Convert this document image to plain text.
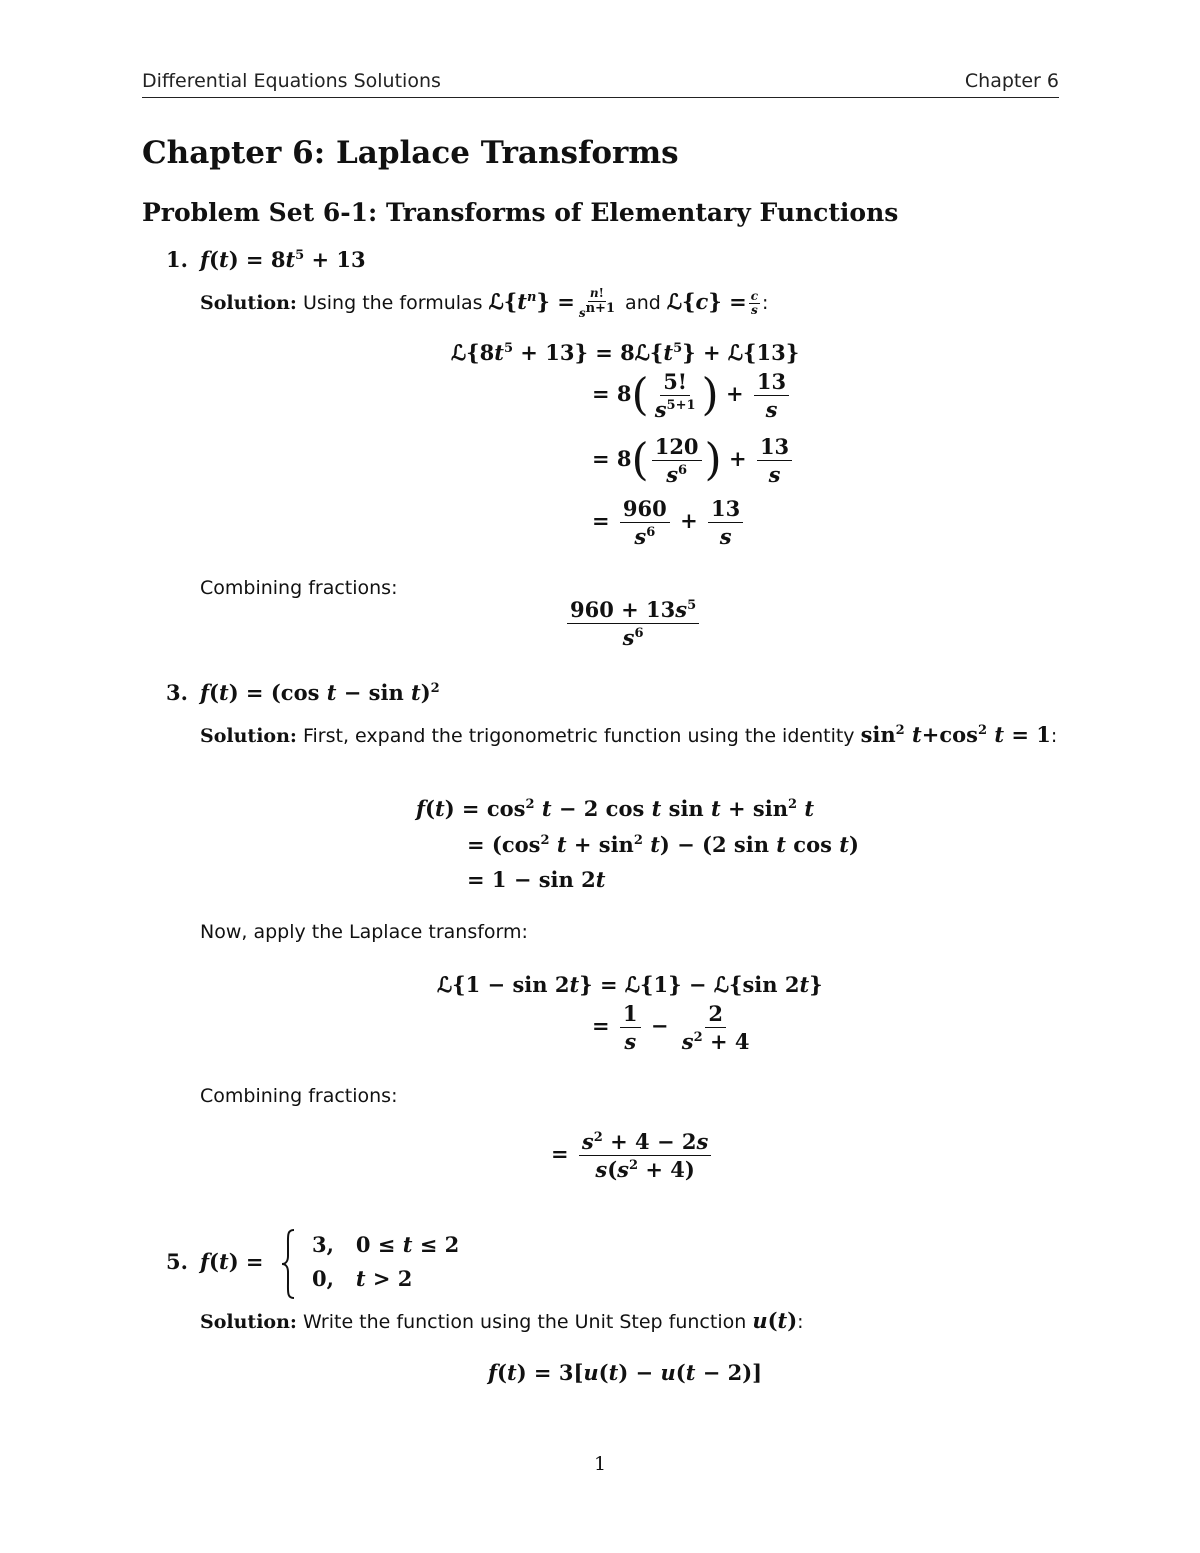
Differential Equations Solutions	Chapter 6
Chapter 6: Laplace Transforms
Problem Set 6-1: Transforms of Elementary Functions
1. $f(t) = 8t^5 + 13$
Solution: Using the formulas $ℒ\{t^n\} = \frac{n!}{s^{n+1}}$ and ℒ{c} = $\frac{c}{s}$ :
$ℒ\{8t^5 + 13\}$ = $8ℒ\{t^5\}$ + ℒ{13}
= $8( \frac{5!}{s^{5+1}}$ ) + $\frac{13}{s}$
= $8( \frac{120}{s^6}$ ) + $\frac{13}{s}$
= $\frac{960}{s^6} + \frac{13}{s}$
Combining fractions:
$\frac{960 + 13s^5}{s^6}$
3. f(t) = (cos t − sin t)$^2$
Solution: First, expand the trigonometric function using the identity $\sin^2 t+\cos^2$ t = 1:
$f(t) = \cos^2 t - 2$ cos t $\sin t + \sin^2 t$
= ($\cos^2$ $t + \sin^2 t) - (2$ sin t cos t)
= 1 − sin 2t
Now, apply the Laplace transform:
ℒ{1 − sin 2t} = ℒ{1} − ℒ{sin 2t}
= $\frac{1}{s} - \frac{2}{s^2 + 4}$
Combining fractions:
= $\frac{s^2 + 4 - 2s}{s(s^2 + 4)}$
5. f(t) =
3,   0 ≤ t ≤ 2
0,   t > 2
Solution: Write the function using the Unit Step function u(t):
f(t) = 3[u(t) − u(t − 2)]
1
